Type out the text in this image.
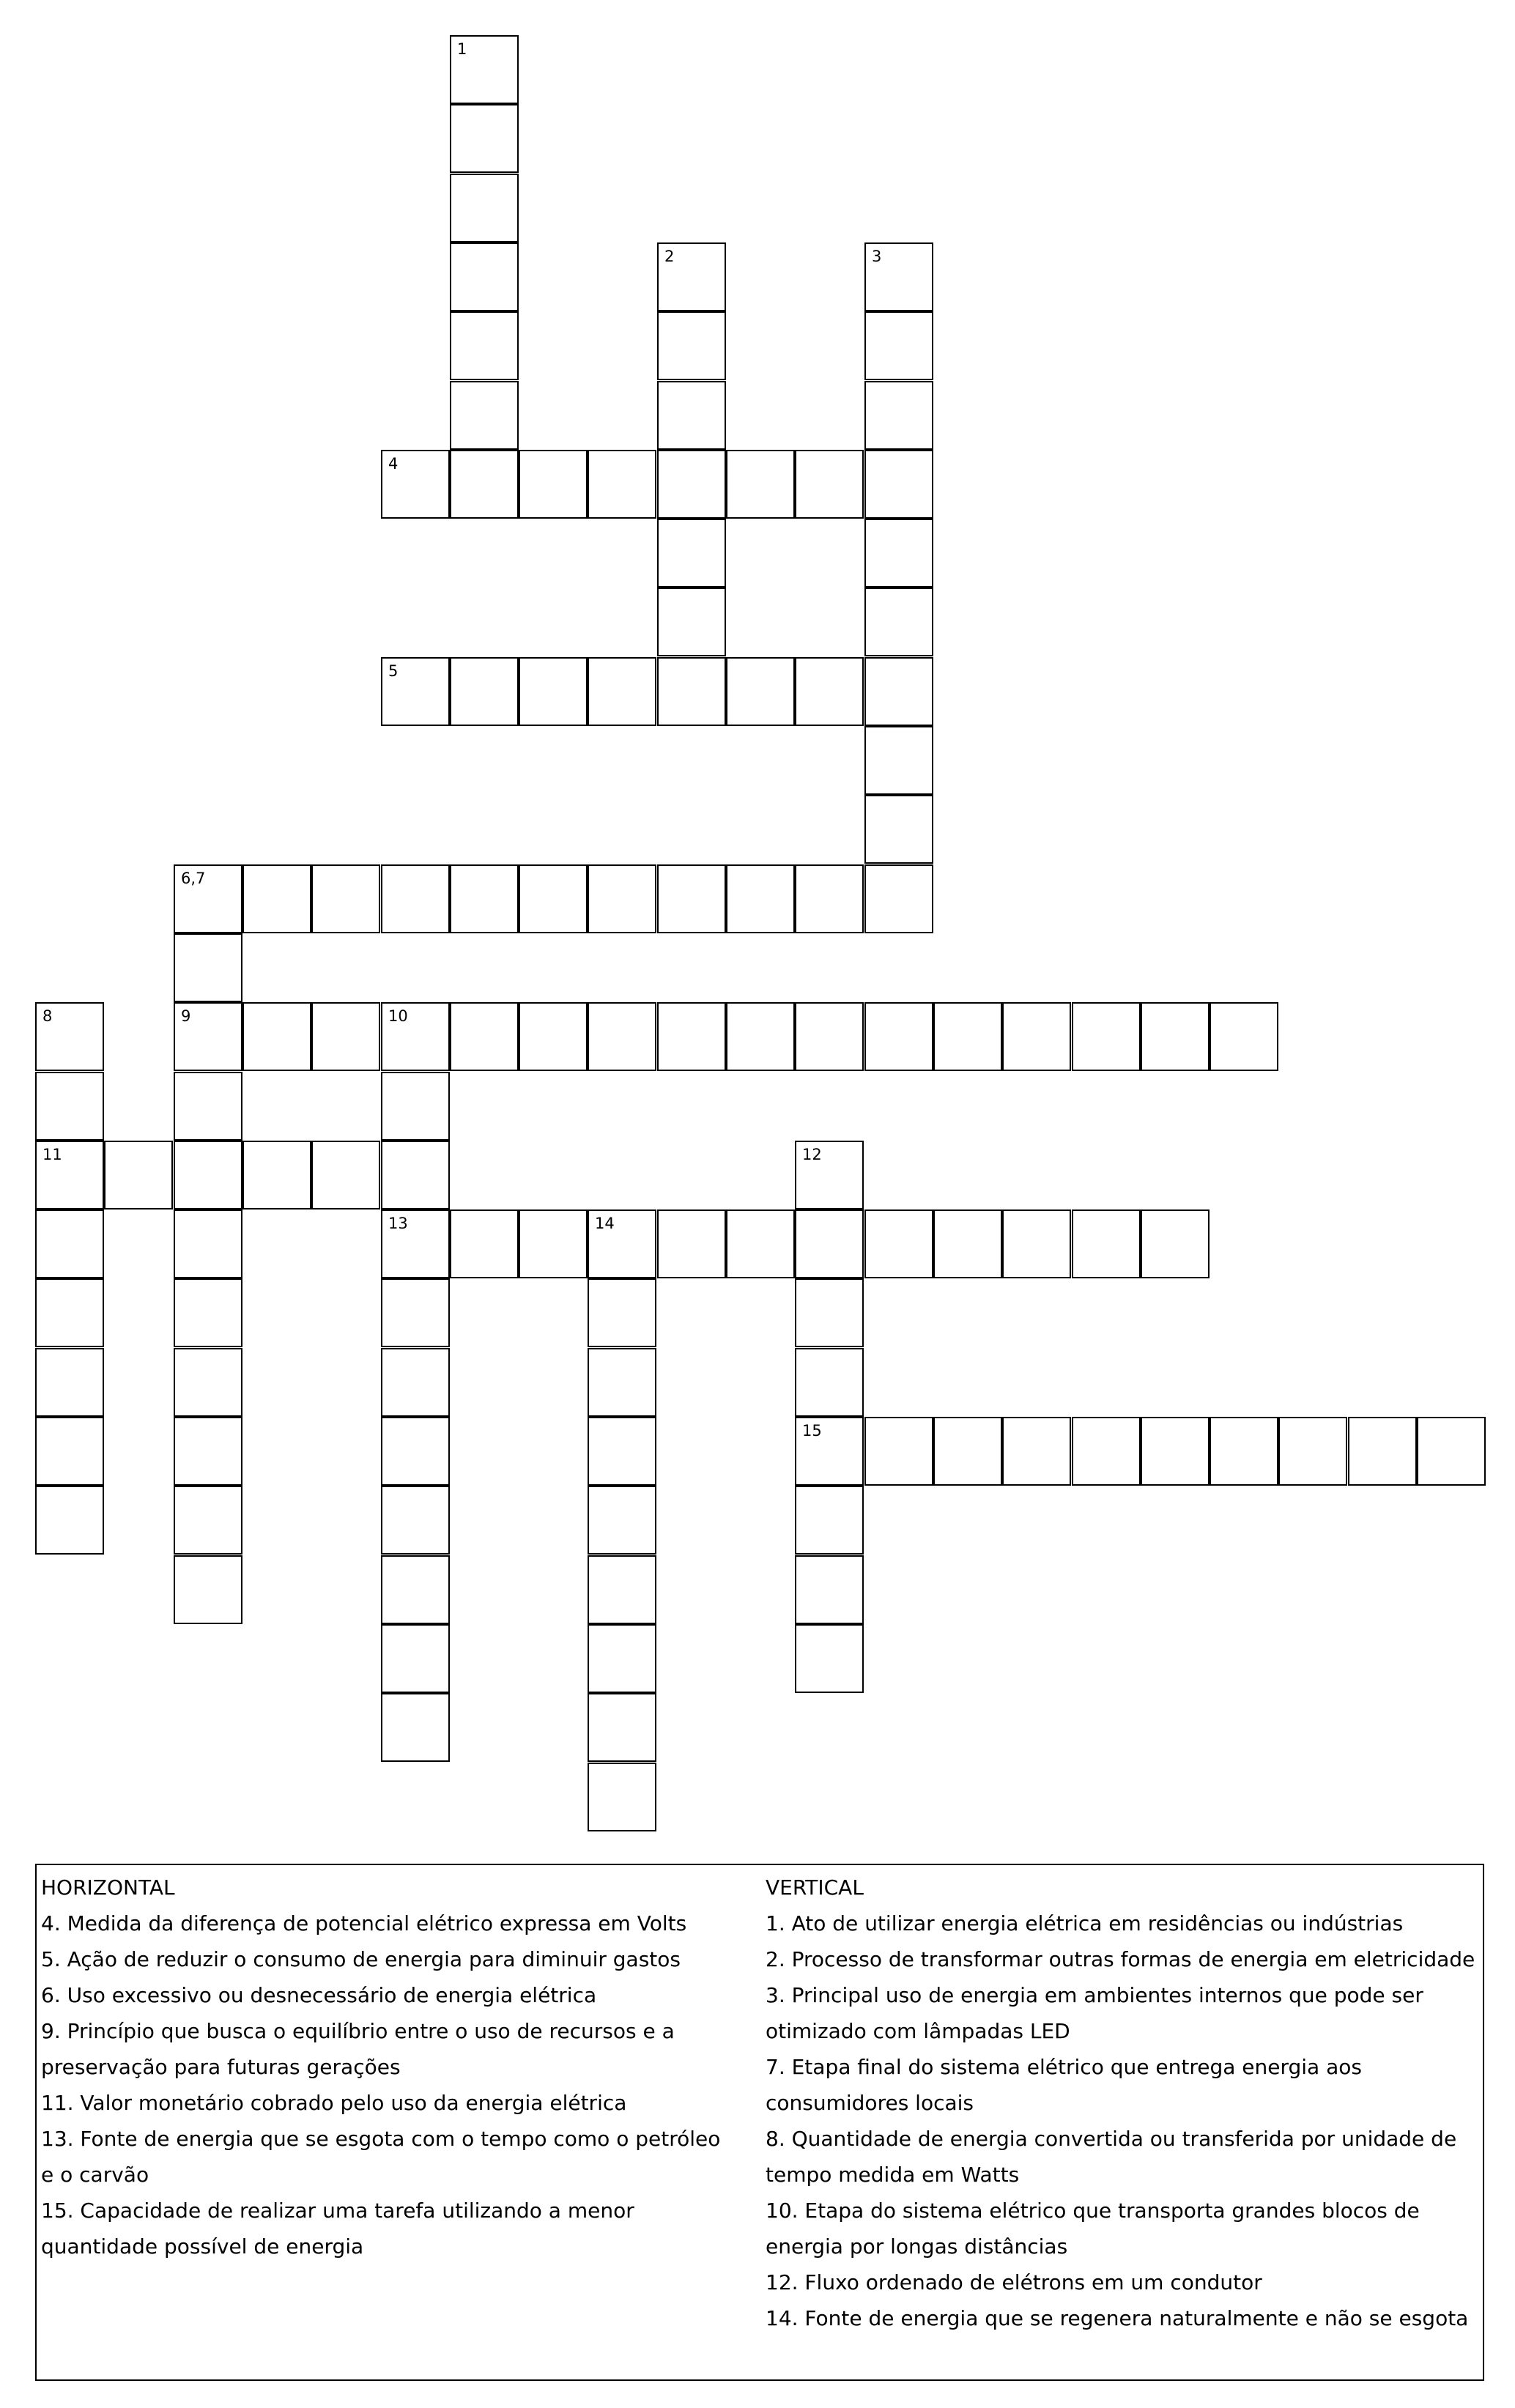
1
2	3
4
5
6,7
9
8
11
10
13
12
15
14

HORIZONTAL

4. Medida da diferença de potencial elétrico expressa em Volts

5. Ação de reduzir o consumo de energia para diminuir gastos

6. Uso excessivo ou desnecessário de energia elétrica

9. Princípio que busca o equilíbrio entre o uso de recursos e a preservação para futuras gerações

11. Valor monetário cobrado pelo uso da energia elétrica

13. Fonte de energia que se esgota com o tempo como o petróleo e o carvão

15. Capacidade de realizar uma tarefa utilizando a menor quantidade possível de energia

VERTICAL

1. Ato de utilizar energia elétrica em residências ou indústrias

2. Processo de transformar outras formas de energia em eletricidade

3. Principal uso de energia em ambientes internos que pode ser otimizado com lâmpadas LED

7. Etapa final do sistema elétrico que entrega energia aos consumidores locais

8. Quantidade de energia convertida ou transferida por unidade de tempo medida em Watts

10. Etapa do sistema elétrico que transporta grandes blocos de energia por longas distâncias

12. Fluxo ordenado de elétrons em um condutor

14. Fonte de energia que se regenera naturalmente e não se esgota
